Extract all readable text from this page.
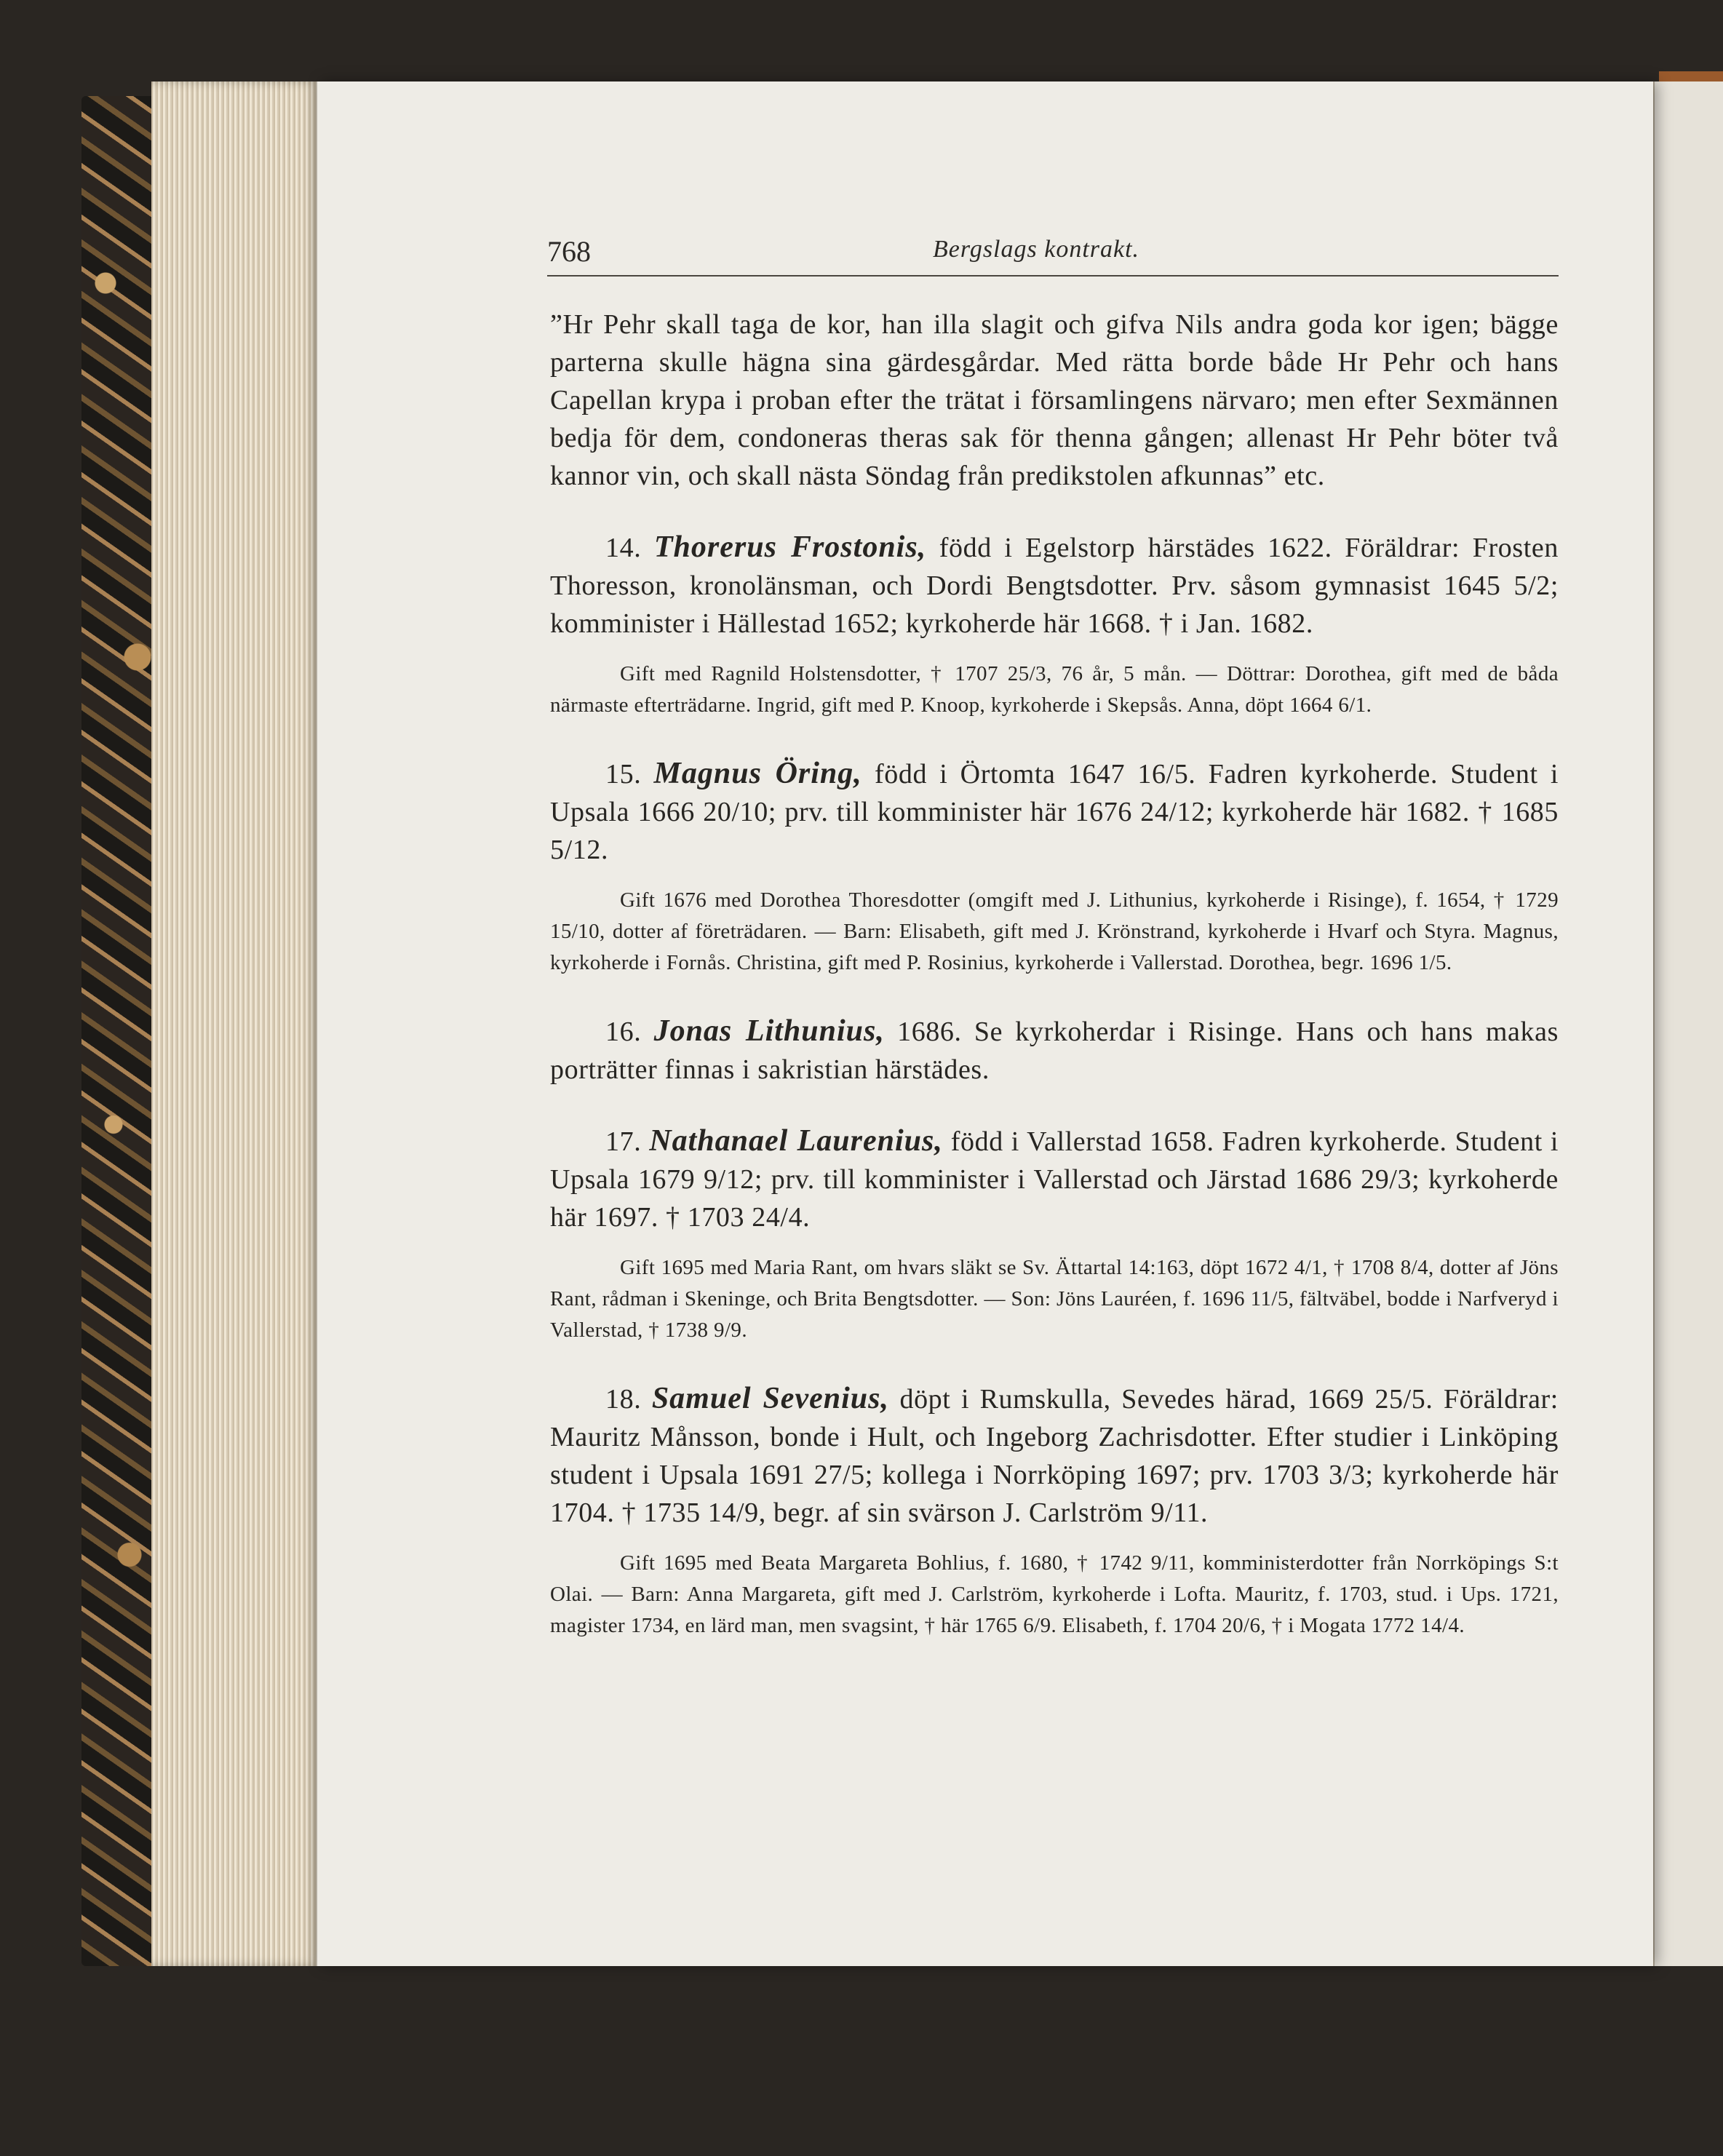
768	Bergslags kontrakt.

”Hr Pehr skall taga de kor, han illa slagit och gifva Nils andra goda kor igen; bägge parterna skulle hägna sina gärdesgårdar. Med rätta borde både Hr Pehr och hans Capellan krypa i proban efter the trätat i församlingens närvaro; men efter Sexmännen bedja för dem, condoneras theras sak för thenna gången; allenast Hr Pehr böter två kannor vin, och skall nästa Söndag från predikstolen afkunnas” etc.

14. Thorerus Frostonis, född i Egelstorp härstädes 1622. Föräldrar: Frosten Thoresson, kronolänsman, och Dordi Bengtsdotter. Prv. såsom gymnasist 1645 5/2; komminister i Hällestad 1652; kyrkoherde här 1668. † i Jan. 1682.

Gift med Ragnild Holstensdotter, † 1707 25/3, 76 år, 5 mån. — Döttrar: Dorothea, gift med de båda närmaste efterträdarne. Ingrid, gift med P. Knoop, kyrkoherde i Skepsås. Anna, döpt 1664 6/1.

15. Magnus Öring, född i Örtomta 1647 16/5. Fadren kyrkoherde. Student i Upsala 1666 20/10; prv. till komminister här 1676 24/12; kyrkoherde här 1682. † 1685 5/12.

Gift 1676 med Dorothea Thoresdotter (omgift med J. Lithunius, kyrkoherde i Risinge), f. 1654, † 1729 15/10, dotter af företrädaren. — Barn: Elisabeth, gift med J. Krönstrand, kyrkoherde i Hvarf och Styra. Magnus, kyrkoherde i Fornås. Christina, gift med P. Rosinius, kyrkoherde i Vallerstad. Dorothea, begr. 1696 1/5.

16. Jonas Lithunius, 1686. Se kyrkoherdar i Risinge. Hans och hans makas porträtter finnas i sakristian härstädes.

17. Nathanael Laurenius, född i Vallerstad 1658. Fadren kyrkoherde. Student i Upsala 1679 9/12; prv. till komminister i Vallerstad och Järstad 1686 29/3; kyrkoherde här 1697. † 1703 24/4.

Gift 1695 med Maria Rant, om hvars släkt se Sv. Ättartal 14:163, döpt 1672 4/1, † 1708 8/4, dotter af Jöns Rant, rådman i Skeninge, och Brita Bengtsdotter. — Son: Jöns Lauréen, f. 1696 11/5, fältväbel, bodde i Narfveryd i Vallerstad, † 1738 9/9.

18. Samuel Sevenius, döpt i Rumskulla, Sevedes härad, 1669 25/5. Föräldrar: Mauritz Månsson, bonde i Hult, och Ingeborg Zachrisdotter. Efter studier i Linköping student i Upsala 1691 27/5; kollega i Norrköping 1697; prv. 1703 3/3; kyrkoherde här 1704. † 1735 14/9, begr. af sin svärson J. Carlström 9/11.

Gift 1695 med Beata Margareta Bohlius, f. 1680, † 1742 9/11, komministerdotter från Norrköpings S:t Olai. — Barn: Anna Margareta, gift med J. Carlström, kyrkoherde i Lofta. Mauritz, f. 1703, stud. i Ups. 1721, magister 1734, en lärd man, men svagsint, † här 1765 6/9. Elisabeth, f. 1704 20/6, † i Mogata 1772 14/4.
